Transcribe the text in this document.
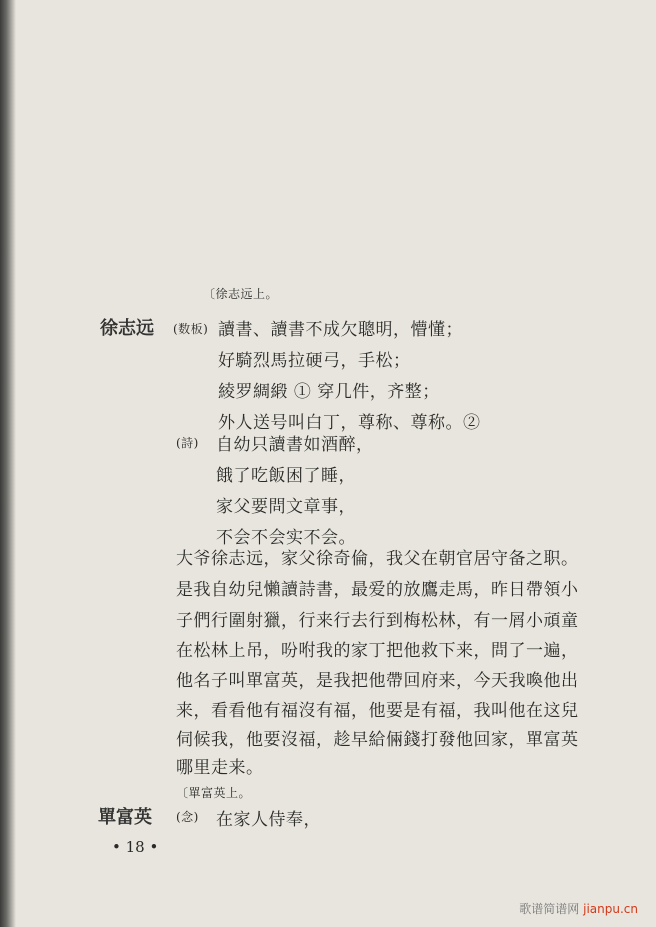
〔徐志远上。
徐志远 (数板) 讀書、讀書不成欠聰明，懵懂；
好騎烈馬拉硬弓，手松；
綾罗綢緞 ① 穿几件，齐整；
外人送号叫白丁，尊称、尊称。②
(詩) 自幼只讀書如酒醉，
餓了吃飯困了睡，
家父要問文章事，
不会不会实不会。
大爷徐志远，家父徐奇倫，我父在朝官居守备之职。
是我自幼兒懶讀詩書，最爱的放鷹走馬，昨日帶領小
子們行圍射獵，行来行去行到梅松林，有一屑小頑童
在松林上吊，吩咐我的家丁把他救下来，問了一遍，
他名子叫單富英，是我把他帶回府来，今天我喚他出
来，看看他有福沒有福，他要是有福，我叫他在这兒
伺候我，他要沒福，趁早給倆錢打發他回家，單富英
哪里走来。
〔單富英上。
單富英 (念) 在家人侍奉，
• 18 •
歌谱简谱网 jianpu.cn
